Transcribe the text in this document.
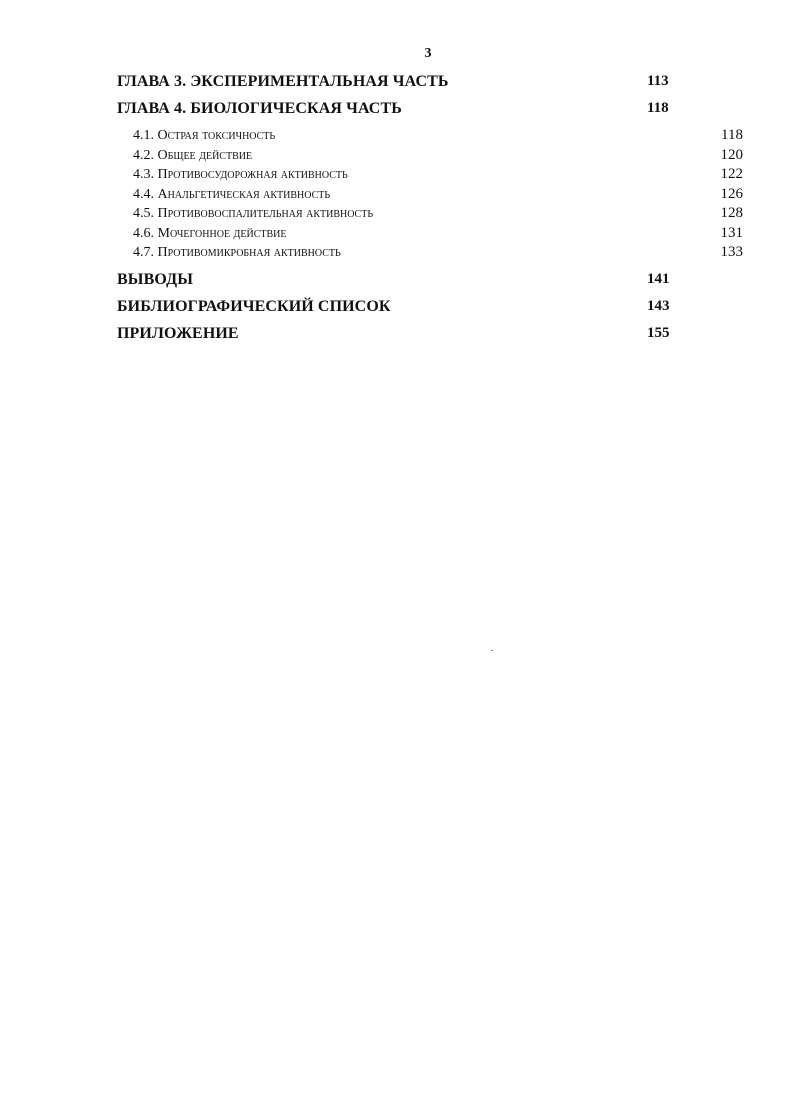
3
ГЛАВА 3. ЭКСПЕРИМЕНТАЛЬНАЯ ЧАСТЬ	113
ГЛАВА 4. БИОЛОГИЧЕСКАЯ ЧАСТЬ	118
4.1. Острая токсичность	118
4.2. Общее действие	120
4.3. Противосудорожная активность	122
4.4. Анальгетическая активность	126
4.5. Противовоспалительная активность	128
4.6. Мочегонное действие	131
4.7. Противомикробная активность	133
ВЫВОДЫ	141
БИБЛИОГРАФИЧЕСКИЙ СПИСОК	143
ПРИЛОЖЕНИЕ	155
